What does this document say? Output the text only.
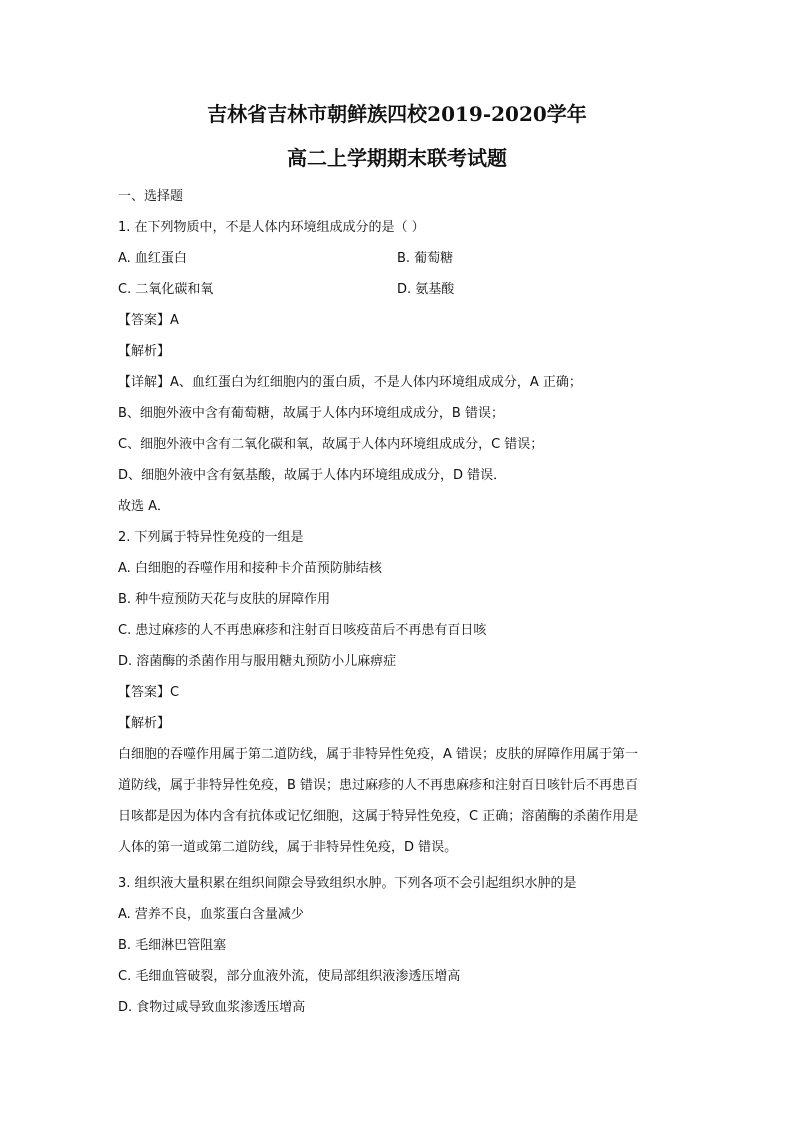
吉林省吉林市朝鲜族四校2019-2020学年
高二上学期期末联考试题
一、选择题
1. 在下列物质中，不是人体内环境组成成分的是（ ）
A. 血红蛋白	B. 葡萄糖
C. 二氧化碳和氧	D. 氨基酸
【答案】A
【解析】
【详解】A、血红蛋白为红细胞内的蛋白质，不是人体内环境组成成分，A 正确；
B、细胞外液中含有葡萄糖，故属于人体内环境组成成分，B 错误；
C、细胞外液中含有二氧化碳和氧，故属于人体内环境组成成分，C 错误；
D、细胞外液中含有氨基酸，故属于人体内环境组成成分，D 错误．
故选 A．
2. 下列属于特异性免疫的一组是
A. 白细胞的吞噬作用和接种卡介苗预防肺结核
B. 种牛痘预防天花与皮肤的屏障作用
C. 患过麻疹的人不再患麻疹和注射百日咳疫苗后不再患有百日咳
D. 溶菌酶的杀菌作用与服用糖丸预防小儿麻痹症
【答案】C
【解析】
白细胞的吞噬作用属于第二道防线，属于非特异性免疫，A 错误；皮肤的屏障作用属于第一
道防线，属于非特异性免疫，B 错误；患过麻疹的人不再患麻疹和注射百日咳针后不再患百
日咳都是因为体内含有抗体或记忆细胞，这属于特异性免疫，C 正确；溶菌酶的杀菌作用是
人体的第一道或第二道防线，属于非特异性免疫，D 错误。
3. 组织液大量积累在组织间隙会导致组织水肿。下列各项不会引起组织水肿的是
A. 营养不良，血浆蛋白含量减少
B. 毛细淋巴管阻塞
C. 毛细血管破裂，部分血液外流，使局部组织液渗透压增高
D. 食物过咸导致血浆渗透压增高
